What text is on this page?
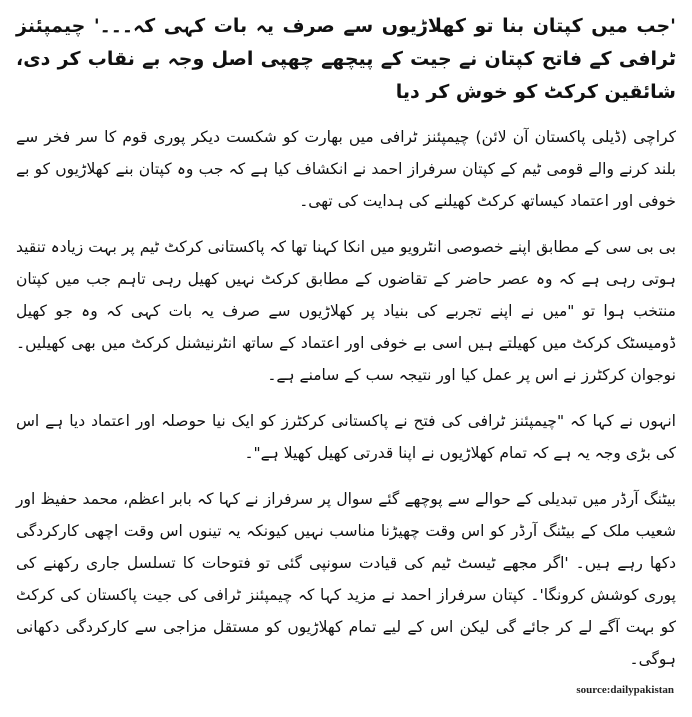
'جب میں کپتان بنا تو کھلاڑیوں سے صرف یہ بات کہی کہ۔۔۔' چیمپئنز ٹرافی کے فاتح کپتان نے جیت کے پیچھے چھپی اصل وجہ بے نقاب کر دی، شائقین کرکٹ کو خوش کر دیا

کراچی (ڈیلی پاکستان آن لائن) چیمپئنز ٹرافی میں بھارت کو شکست دیکر پوری قوم کا سر فخر سے بلند کرنے والے قومی ٹیم کے کپتان سرفراز احمد نے انکشاف کیا ہے کہ جب وہ کپتان بنے کھلاڑیوں کو بے خوفی اور اعتماد کیساتھ کرکٹ کھیلنے کی ہدایت کی تھی۔

بی بی سی کے مطابق اپنے خصوصی انٹرویو میں انکا کہنا تھا کہ پاکستانی کرکٹ ٹیم پر بہت زیادہ تنقید ہوتی رہی ہے کہ وہ عصر حاضر کے تقاضوں کے مطابق کرکٹ نہیں کھیل رہی تاہم جب میں کپتان منتخب ہوا تو "میں نے اپنے تجربے کی بنیاد پر کھلاڑیوں سے صرف یہ بات کہی کہ وہ جو کھیل ڈومیسٹک کرکٹ میں کھیلتے ہیں اسی بے خوفی اور اعتماد کے ساتھ انٹرنیشنل کرکٹ میں بھی کھیلیں۔ نوجوان کرکٹرز نے اس پر عمل کیا اور نتیجہ سب کے سامنے ہے۔

انہوں نے کہا کہ "چیمپئنز ٹرافی کی فتح نے پاکستانی کرکٹرز کو ایک نیا حوصلہ اور اعتماد دیا ہے اس کی بڑی وجہ یہ ہے کہ تمام کھلاڑیوں نے اپنا قدرتی کھیل کھیلا ہے"۔

بیٹنگ آرڈر میں تبدیلی کے حوالے سے پوچھے گئے سوال پر سرفراز نے کہا کہ بابر اعظم، محمد حفیظ اور شعیب ملک کے بیٹنگ آرڈر کو اس وقت چھیڑنا مناسب نہیں کیونکہ یہ تینوں اس وقت اچھی کارکردگی دکھا رہے ہیں۔ 'اگر مجھے ٹیسٹ ٹیم کی قیادت سونپی گئی تو فتوحات کا تسلسل جاری رکھنے کی پوری کوشش کرونگا'۔ کپتان سرفراز احمد نے مزید کہا کہ چیمپئنز ٹرافی کی جیت پاکستان کی کرکٹ کو بہت آگے لے کر جائے گی لیکن اس کے لیے تمام کھلاڑیوں کو مستقل مزاجی سے کارکردگی دکھانی ہوگی۔

source:dailypakistan
